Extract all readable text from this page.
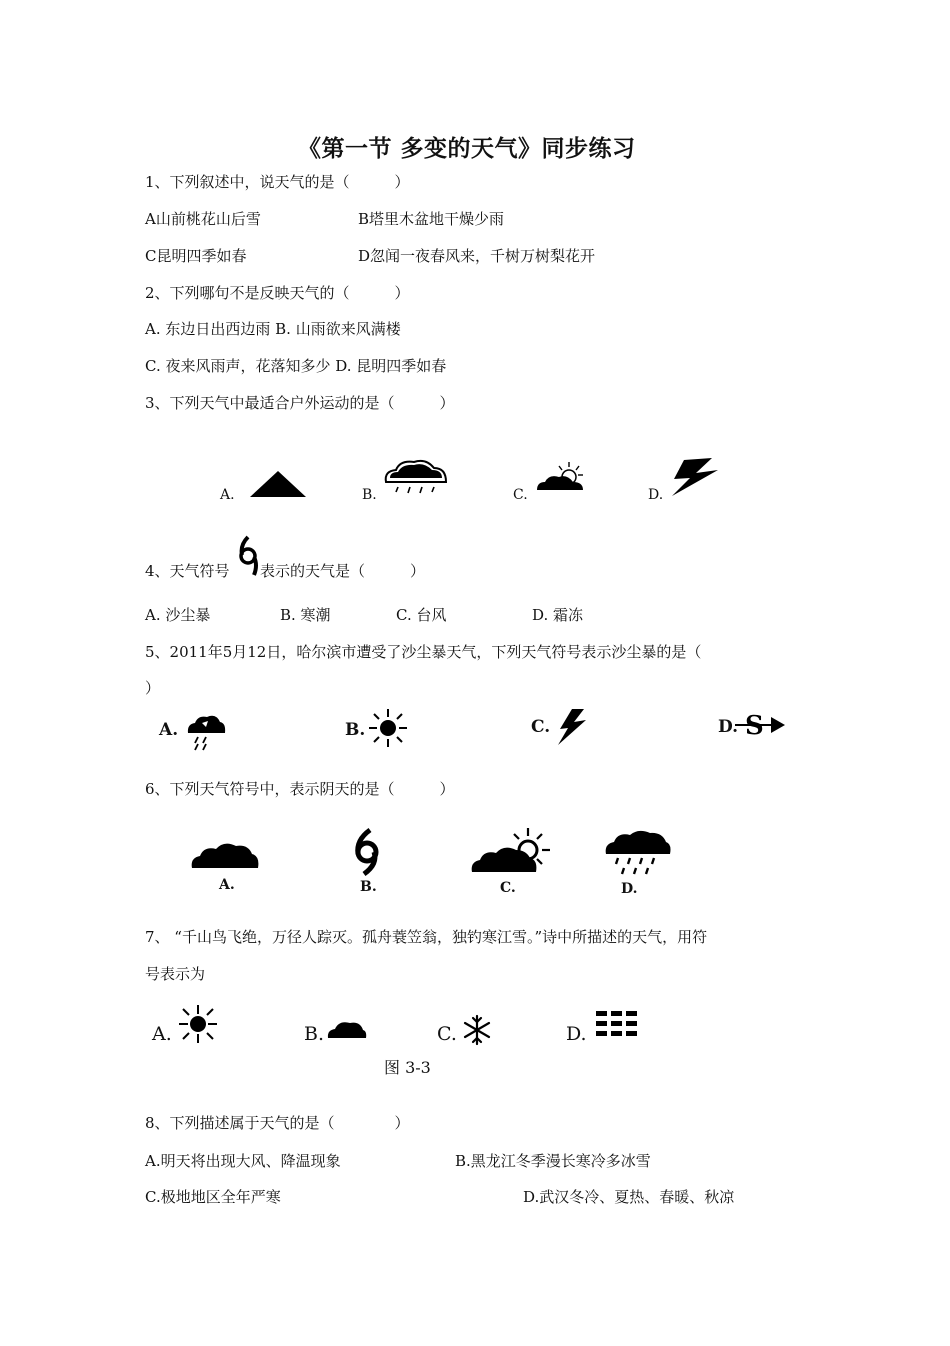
《第一节 多变的天气》同步练习
1、下列叙述中，说天气的是（　　　）
A山前桃花山后雪	B塔里木盆地干燥少雨
C昆明四季如春	D忽闻一夜春风来，千树万树梨花开
2、下列哪句不是反映天气的（　　　）
A. 东边日出西边雨 B. 山雨欲来风满楼
C. 夜来风雨声，花落知多少 D. 昆明四季如春
3、下列天气中最适合户外运动的是（　　　）
A.	B.	C.	D.
4、天气符号 表示的天气是（　　　）
A. 沙尘暴	B. 寒潮	C. 台风	D. 霜冻
5、2011年5月12日，哈尔滨市遭受了沙尘暴天气，下列天气符号表示沙尘暴的是（
）
A.	B.	C.	D. S
6、下列天气符号中，表示阴天的是（　　　）
A.	B.	C.	D.
7、 “千山鸟飞绝，万径人踪灭。孤舟蓑笠翁，独钓寒江雪。”诗中所描述的天气，用符
号表示为
A.	B.	C.	D.
图 3-3
8、下列描述属于天气的是（　　　　）
A.明天将出现大风、降温现象	B.黑龙江冬季漫长寒冷多冰雪
C.极地地区全年严寒	D.武汉冬冷、夏热、春暖、秋凉
